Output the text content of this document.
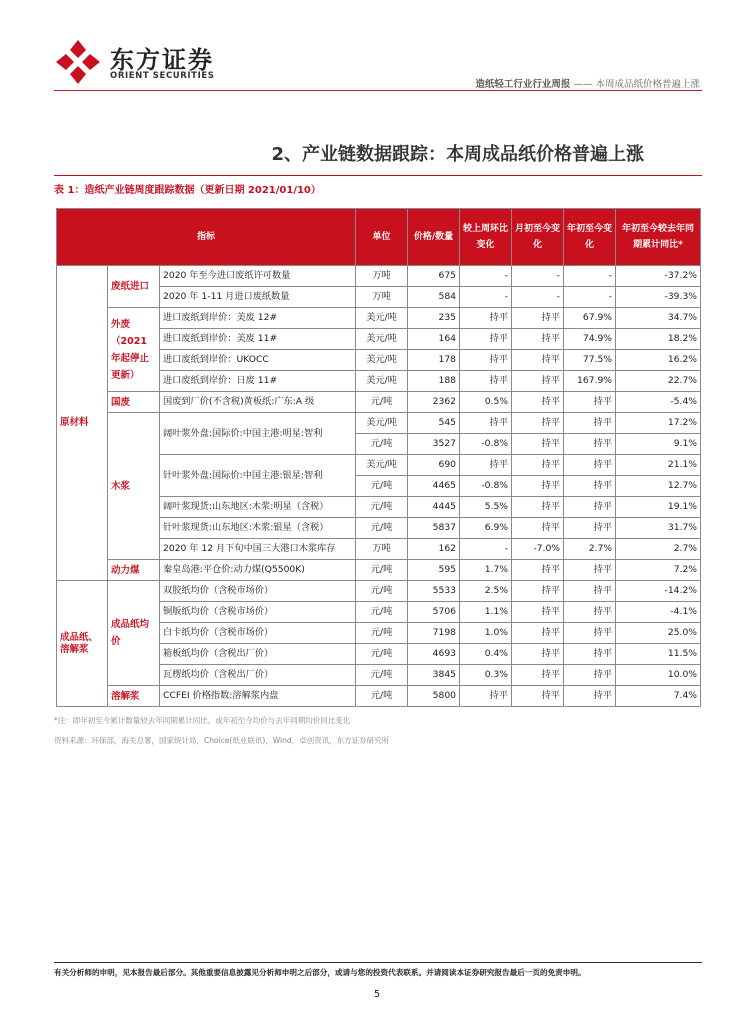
东方证券
ORIENT SECURITIES
造纸轻工行业行业周报 —— 本周成品纸价格普遍上涨
2、产业链数据跟踪：本周成品纸价格普遍上涨
表 1：造纸产业链周度跟踪数据（更新日期 2021/01/10）
指标			单位	价格/数量	较上周环比变化	月初至今变化	年初至今变化	年初至今较去年同期累计同比*
原材料	废纸进口	2020 年至今进口废纸许可数量	万吨	675	-	-	-	-37.2%
		2020 年 1-11 月进口废纸数量	万吨	584	-	-	-	-39.3%
	外废（2021年起停止更新）	进口废纸到岸价：美废 12#	美元/吨	235	持平	持平	67.9%	34.7%
		进口废纸到岸价：美废 11#	美元/吨	164	持平	持平	74.9%	18.2%
		进口废纸到岸价：UKOCC	美元/吨	178	持平	持平	77.5%	16.2%
		进口废纸到岸价：日废 11#	美元/吨	188	持平	持平	167.9%	22.7%
	国废	国废到厂价(不含税)黄板纸:广东:A 级	元/吨	2362	0.5%	持平	持平	-5.4%
	木浆	阔叶浆外盘:国际价:中国主港:明星:智利	美元/吨	545	持平	持平	持平	17.2%
			元/吨	3527	-0.8%	持平	持平	9.1%
		针叶浆外盘:国际价:中国主港:银星:智利	美元/吨	690	持平	持平	持平	21.1%
			元/吨	4465	-0.8%	持平	持平	12.7%
		阔叶浆现货:山东地区:木浆:明星（含税）	元/吨	4445	5.5%	持平	持平	19.1%
		针叶浆现货:山东地区:木浆:银星（含税）	元/吨	5837	6.9%	持平	持平	31.7%
		2020 年 12 月下旬中国三大港口木浆库存	万吨	162	-	-7.0%	2.7%	2.7%
	动力煤	秦皇岛港:平仓价:动力煤(Q5500K)	元/吨	595	1.7%	持平	持平	7.2%
成品纸、溶解浆	成品纸均价	双胶纸均价（含税市场价）	元/吨	5533	2.5%	持平	持平	-14.2%
		铜版纸均价（含税市场价）	元/吨	5706	1.1%	持平	持平	-4.1%
		白卡纸均价（含税市场价）	元/吨	7198	1.0%	持平	持平	25.0%
		箱板纸均价（含税出厂价）	元/吨	4693	0.4%	持平	持平	11.5%
		瓦楞纸均价（含税出厂价）	元/吨	3845	0.3%	持平	持平	10.0%
	溶解浆	CCFEI 价格指数:溶解浆内盘	元/吨	5800	持平	持平	持平	7.4%
*注：即年初至今累计数量较去年同期累计同比，或年初至今均价与去年同期均价同比变化
资料来源：环保部，海关总署，国家统计局，Choice(纸业联讯)，Wind，卓创资讯，东方证券研究所
有关分析师的申明，见本报告最后部分。其他重要信息披露见分析师申明之后部分，或请与您的投资代表联系。并请阅读本证券研究报告最后一页的免责申明。
5
